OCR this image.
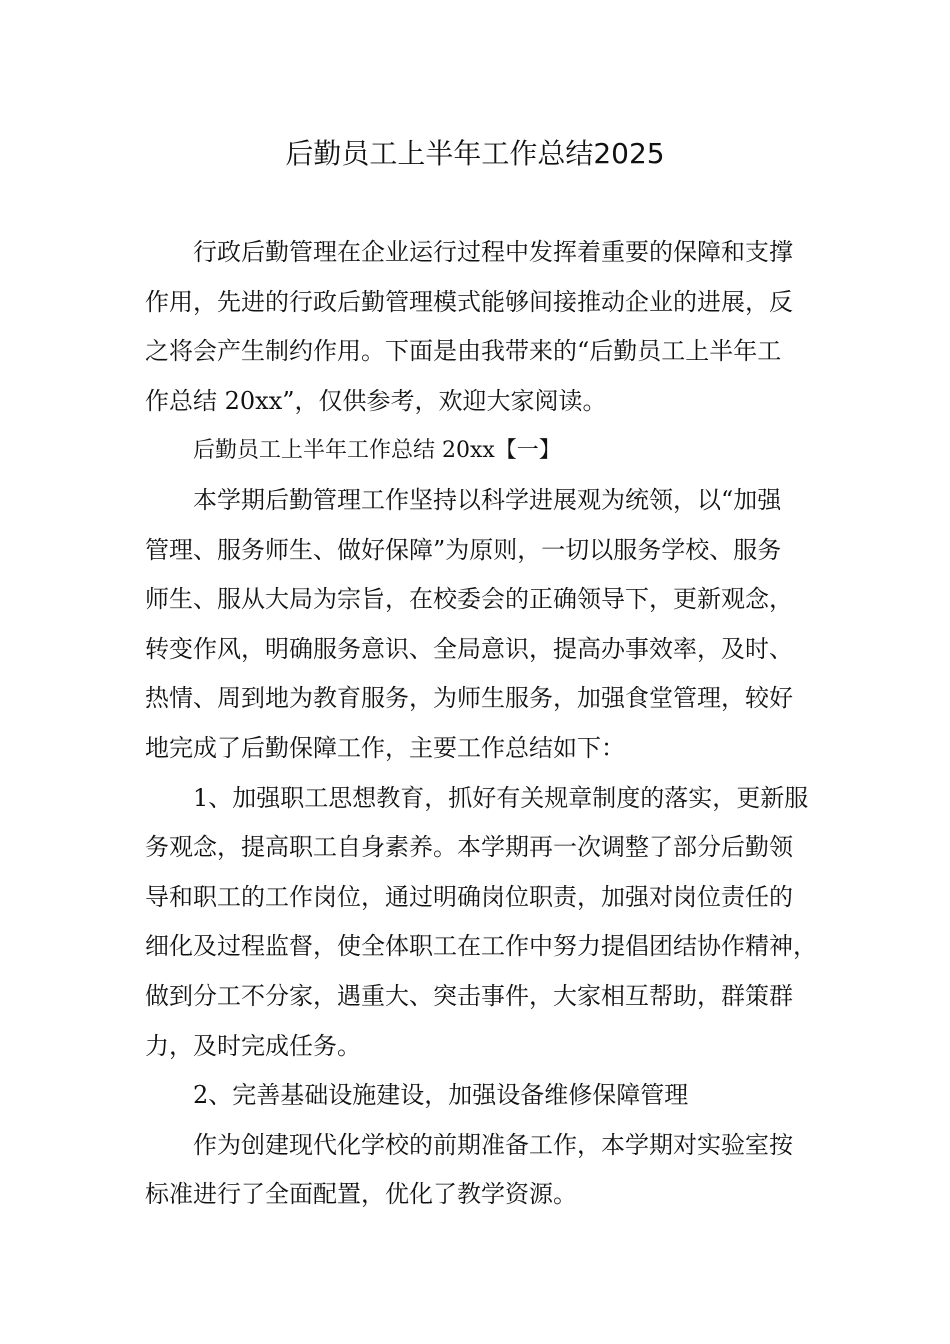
后勤员工上半年工作总结2025
行政后勤管理在企业运行过程中发挥着重要的保障和支撑
作用，先进的行政后勤管理模式能够间接推动企业的进展，反
之将会产生制约作用。下面是由我带来的“后勤员工上半年工
作总结 20xx”，仅供参考，欢迎大家阅读。
后勤员工上半年工作总结 20xx【一】
本学期后勤管理工作坚持以科学进展观为统领，以“加强
管理、服务师生、做好保障”为原则，一切以服务学校、服务
师生、服从大局为宗旨，在校委会的正确领导下，更新观念，
转变作风，明确服务意识、全局意识，提高办事效率，及时、
热情、周到地为教育服务，为师生服务，加强食堂管理，较好
地完成了后勤保障工作，主要工作总结如下：
1、加强职工思想教育，抓好有关规章制度的落实，更新服
务观念，提高职工自身素养。本学期再一次调整了部分后勤领
导和职工的工作岗位，通过明确岗位职责，加强对岗位责任的
细化及过程监督，使全体职工在工作中努力提倡团结协作精神，
做到分工不分家，遇重大、突击事件，大家相互帮助，群策群
力，及时完成任务。
2、完善基础设施建设，加强设备维修保障管理
作为创建现代化学校的前期准备工作，本学期对实验室按
标准进行了全面配置，优化了教学资源。
